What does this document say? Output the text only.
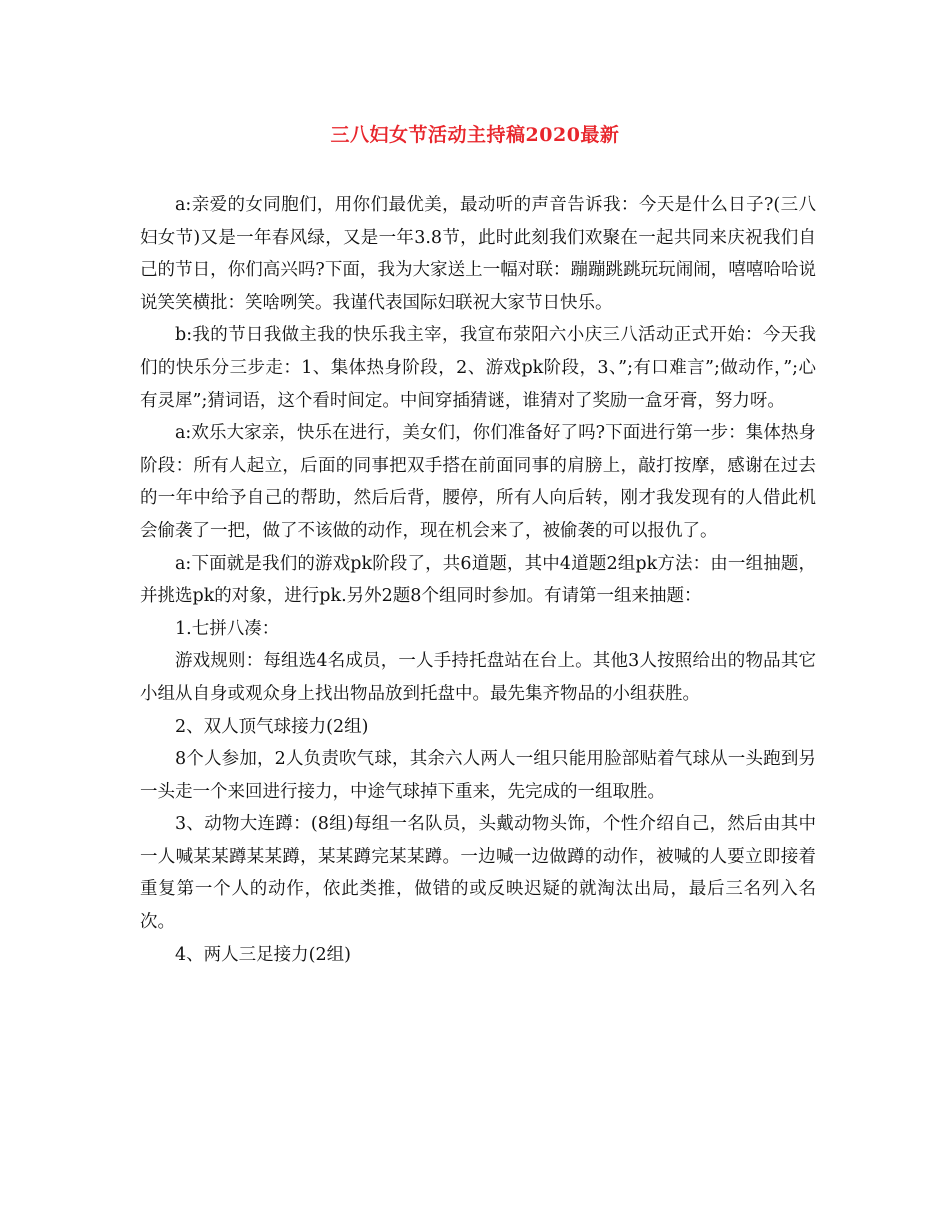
三八妇女节活动主持稿2020最新

a:亲爱的女同胞们，用你们最优美，最动听的声音告诉我：今天是什么日子?(三八妇女节)又是一年春风绿，又是一年3.8节，此时此刻我们欢聚在一起共同来庆祝我们自己的节日，你们高兴吗?下面，我为大家送上一幅对联：蹦蹦跳跳玩玩闹闹，嘻嘻哈哈说说笑笑横批：笑啥咧笑。我谨代表国际妇联祝大家节日快乐。

b:我的节日我做主我的快乐我主宰，我宣布荥阳六小庆三八活动正式开始：今天我们的快乐分三步走：1、集体热身阶段，2、游戏pk阶段，3、”;有口难言”;做动作，”;心有灵犀”;猜词语，这个看时间定。中间穿插猜谜，谁猜对了奖励一盒牙膏，努力呀。

a:欢乐大家亲，快乐在进行，美女们，你们准备好了吗?下面进行第一步：集体热身阶段：所有人起立，后面的同事把双手搭在前面同事的肩膀上，敲打按摩，感谢在过去的一年中给予自己的帮助，然后后背，腰停，所有人向后转，刚才我发现有的人借此机会偷袭了一把，做了不该做的动作，现在机会来了，被偷袭的可以报仇了。

a:下面就是我们的游戏pk阶段了，共6道题，其中4道题2组pk方法：由一组抽题，并挑选pk的对象，进行pk.另外2题8个组同时参加。有请第一组来抽题：

1.七拼八凑：

游戏规则：每组选4名成员，一人手持托盘站在台上。其他3人按照给出的物品其它小组从自身或观众身上找出物品放到托盘中。最先集齐物品的小组获胜。

2、双人顶气球接力(2组)

8个人参加，2人负责吹气球，其余六人两人一组只能用脸部贴着气球从一头跑到另一头走一个来回进行接力，中途气球掉下重来，先完成的一组取胜。

3、动物大连蹲：(8组)每组一名队员，头戴动物头饰，个性介绍自己，然后由其中一人喊某某蹲某某蹲，某某蹲完某某蹲。一边喊一边做蹲的动作，被喊的人要立即接着重复第一个人的动作，依此类推，做错的或反映迟疑的就淘汰出局，最后三名列入名次。

4、两人三足接力(2组)
